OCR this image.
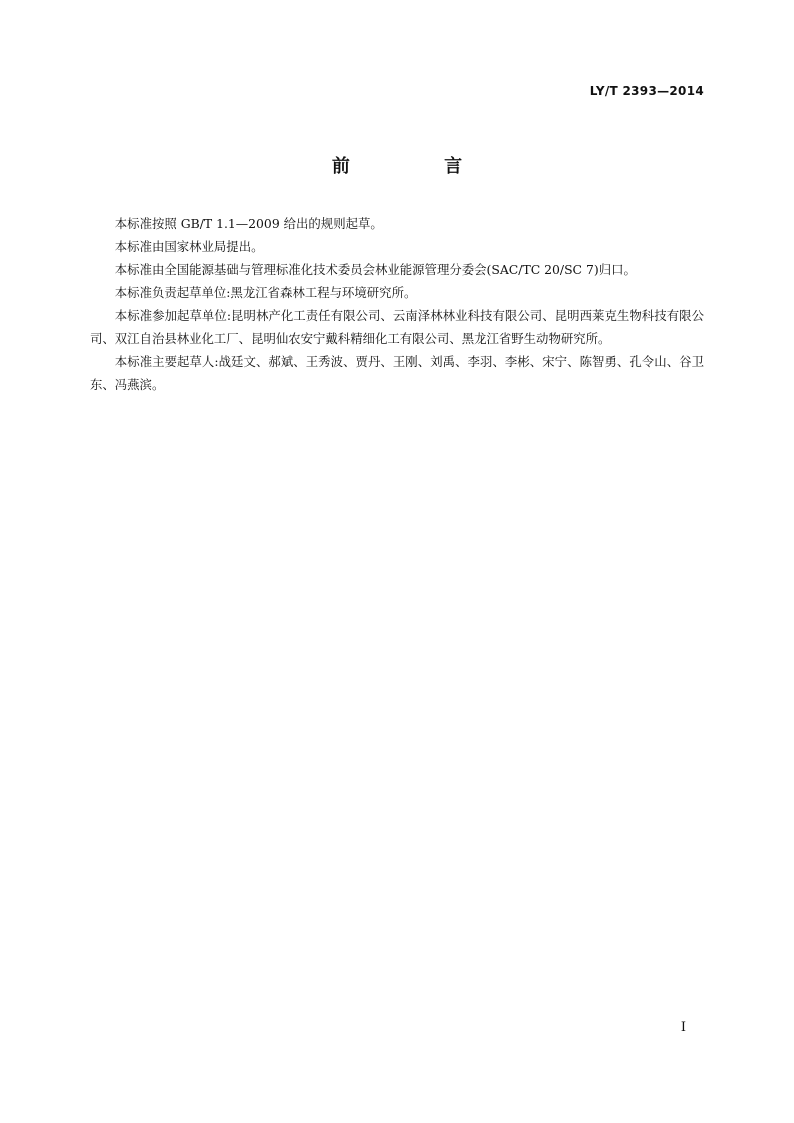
LY/T 2393—2014
前 言

本标准按照 GB/T 1.1—2009 给出的规则起草。

本标准由国家林业局提出。

本标准由全国能源基础与管理标准化技术委员会林业能源管理分委会(SAC/TC 20/SC 7)归口。

本标准负责起草单位:黑龙江省森林工程与环境研究所。

本标准参加起草单位:昆明林产化工责任有限公司、云南泽林林业科技有限公司、昆明西莱克生物科技有限公司、双江自治县林业化工厂、昆明仙农安宁戴科精细化工有限公司、黑龙江省野生动物研究所。

本标准主要起草人:战廷文、郝斌、王秀波、贾丹、王刚、刘禹、李羽、李彬、宋宁、陈智勇、孔令山、谷卫东、冯燕滨。

I
